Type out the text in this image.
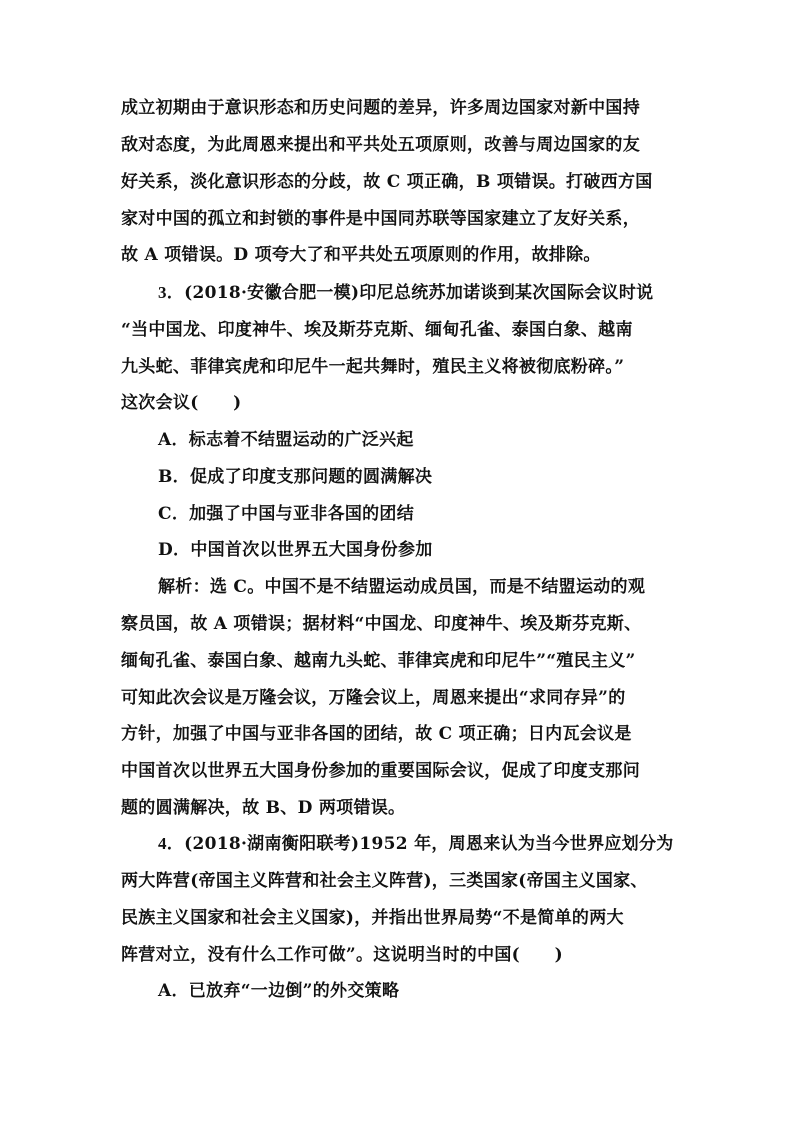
成立初期由于意识形态和历史问题的差异，许多周边国家对新中国持
敌对态度，为此周恩来提出和平共处五项原则，改善与周边国家的友
好关系，淡化意识形态的分歧，故 C 项正确，B 项错误。打破西方国
家对中国的孤立和封锁的事件是中国同苏联等国家建立了友好关系，
故 A 项错误。D 项夸大了和平共处五项原则的作用，故排除。
3．(2018·安徽合肥一模)印尼总统苏加诺谈到某次国际会议时说
“当中国龙、印度神牛、埃及斯芬克斯、缅甸孔雀、泰国白象、越南
九头蛇、菲律宾虎和印尼牛一起共舞时，殖民主义将被彻底粉碎。”
这次会议(　　)
A．标志着不结盟运动的广泛兴起
B．促成了印度支那问题的圆满解决
C．加强了中国与亚非各国的团结
D．中国首次以世界五大国身份参加
解析：选 C。中国不是不结盟运动成员国，而是不结盟运动的观
察员国，故 A 项错误；据材料“中国龙、印度神牛、埃及斯芬克斯、
缅甸孔雀、泰国白象、越南九头蛇、菲律宾虎和印尼牛”“殖民主义”
可知此次会议是万隆会议，万隆会议上，周恩来提出“求同存异”的
方针，加强了中国与亚非各国的团结，故 C 项正确；日内瓦会议是
中国首次以世界五大国身份参加的重要国际会议，促成了印度支那问
题的圆满解决，故 B、D 两项错误。
4．(2018·湖南衡阳联考)1952 年，周恩来认为当今世界应划分为
两大阵营(帝国主义阵营和社会主义阵营)，三类国家(帝国主义国家、
民族主义国家和社会主义国家)，并指出世界局势“不是简单的两大
阵营对立，没有什么工作可做”。这说明当时的中国(　　)
A．已放弃“一边倒”的外交策略
